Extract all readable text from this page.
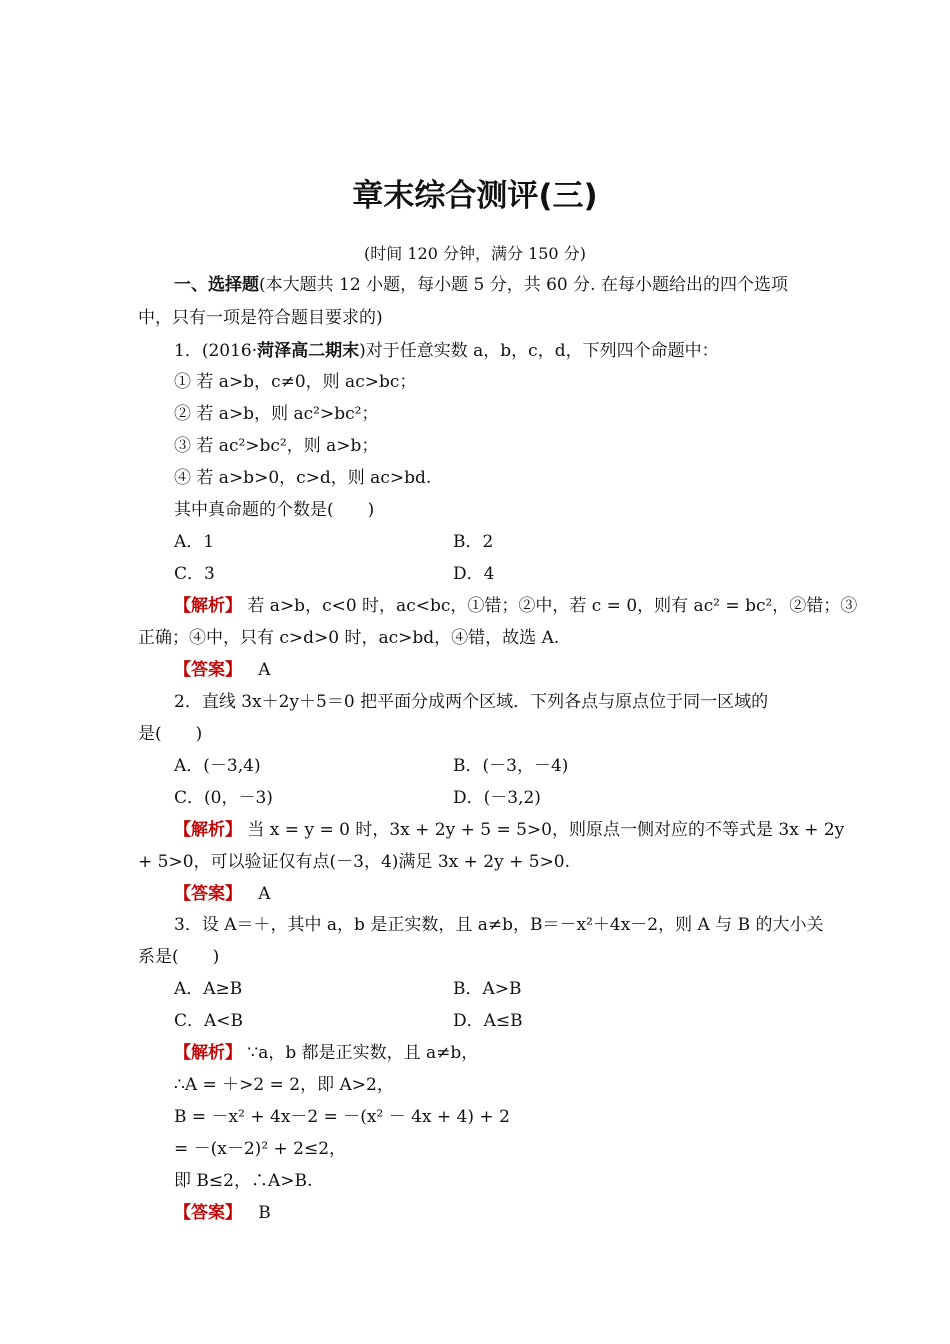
章末综合测评(三)
(时间 120 分钟，满分 150 分)
一、选择题(本大题共 12 小题，每小题 5 分，共 60 分. 在每小题给出的四个选项
中，只有一项是符合题目要求的)
1．(2016·菏泽高二期末)对于任意实数 a，b，c，d，下列四个命题中：
① 若 a>b，c≠0，则 ac>bc；
② 若 a>b，则 ac²>bc²；
③ 若 ac²>bc²，则 a>b；
④ 若 a>b>0，c>d，则 ac>bd.
其中真命题的个数是(　　)
A．1	B．2
C．3	D．4
【解析】 若 a>b，c<0 时，ac<bc，①错；②中，若 c = 0，则有 ac² = bc²，②错；③
正确；④中，只有 c>d>0 时，ac>bd，④错，故选 A.
【答案】 A
2．直线 3x＋2y＋5＝0 把平面分成两个区域．下列各点与原点位于同一区域的
是(　　)
A．(－3,4)	B．(－3，－4)
C．(0，－3)	D．(－3,2)
【解析】 当 x = y = 0 时，3x + 2y + 5 = 5>0，则原点一侧对应的不等式是 3x + 2y
+ 5>0，可以验证仅有点(－3，4)满足 3x + 2y + 5>0.
【答案】 A
3．设 A＝＋，其中 a，b 是正实数，且 a≠b，B＝－x²＋4x－2，则 A 与 B 的大小关
系是(　　)
A．A≥B	B．A>B
C．A<B	D．A≤B
【解析】 ∵a，b 都是正实数，且 a≠b，
∴A = ＋>2 = 2，即 A>2，
B = －x² + 4x－2 = －(x² － 4x + 4) + 2
= －(x－2)² + 2≤2，
即 B≤2，∴A>B.
【答案】 B
